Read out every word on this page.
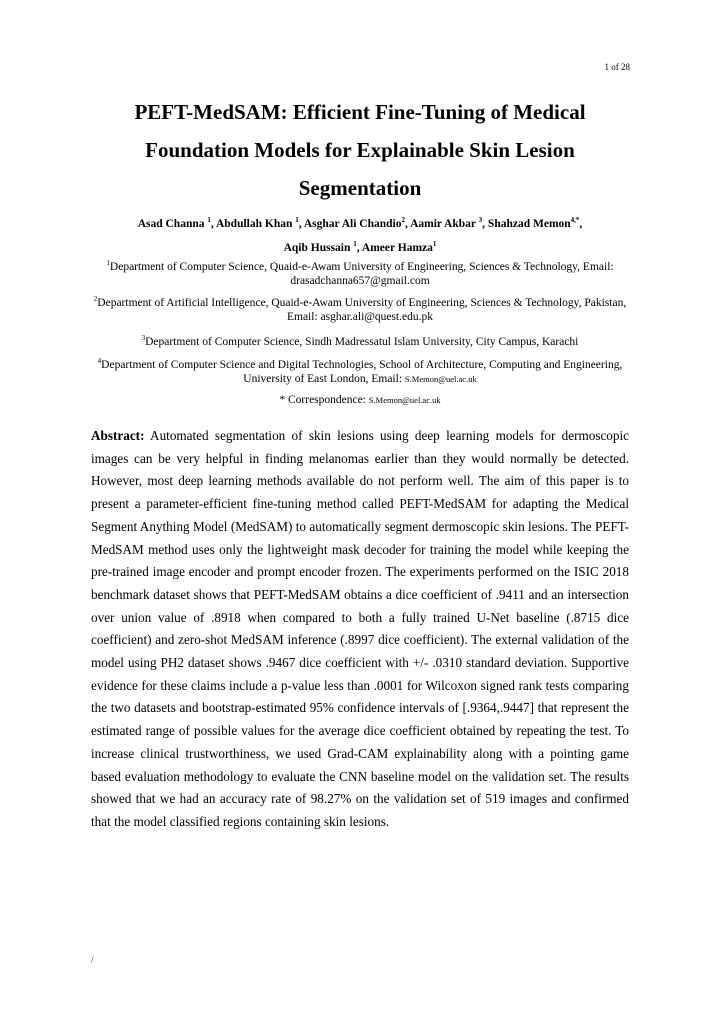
1 of 28
PEFT-MedSAM: Efficient Fine-Tuning of Medical Foundation Models for Explainable Skin Lesion Segmentation
Asad Channa $^1$, Abdullah Khan $^1$, Asghar Ali Chandio$^2$, Aamir Akbar $^3$, Shahzad Memon$^{4,*}$,
Aqib Hussain $^1$, Ameer Hamza$^1$
$^1$Department of Computer Science, Quaid-e-Awam University of Engineering, Sciences & Technology, Email: drasadchanna657@gmail.com
$^2$Department of Artificial Intelligence, Quaid-e-Awam University of Engineering, Sciences & Technology, Pakistan, Email: asghar.ali@quest.edu.pk
$^3$Department of Computer Science, Sindh Madressatul Islam University, City Campus, Karachi
$^4$Department of Computer Science and Digital Technologies, School of Architecture, Computing and Engineering, University of East London, Email: S.Memon@uel.ac.uk
* Correspondence: S.Memon@uel.ac.uk

Abstract: Automated segmentation of skin lesions using deep learning models for dermoscopic images can be very helpful in finding melanomas earlier than they would normally be detected. However, most deep learning methods available do not perform well. The aim of this paper is to present a parameter-efficient fine-tuning method called PEFT-MedSAM for adapting the Medical Segment Anything Model (MedSAM) to automatically segment dermoscopic skin lesions. The PEFT-MedSAM method uses only the lightweight mask decoder for training the model while keeping the pre-trained image encoder and prompt encoder frozen. The experiments performed on the ISIC 2018 benchmark dataset shows that PEFT-MedSAM obtains a dice coefficient of .9411 and an intersection over union value of .8918 when compared to both a fully trained U-Net baseline (.8715 dice coefficient) and zero-shot MedSAM inference (.8997 dice coefficient). The external validation of the model using PH2 dataset shows .9467 dice coefficient with +/- .0310 standard deviation. Supportive evidence for these claims include a p-value less than .0001 for Wilcoxon signed rank tests comparing the two datasets and bootstrap-estimated 95% confidence intervals of [.9364,.9447] that represent the estimated range of possible values for the average dice coefficient obtained by repeating the test. To increase clinical trustworthiness, we used Grad-CAM explainability along with a pointing game based evaluation methodology to evaluate the CNN baseline model on the validation set. The results showed that we had an accuracy rate of 98.27% on the validation set of 519 images and confirmed that the model classified regions containing skin lesions.

/
